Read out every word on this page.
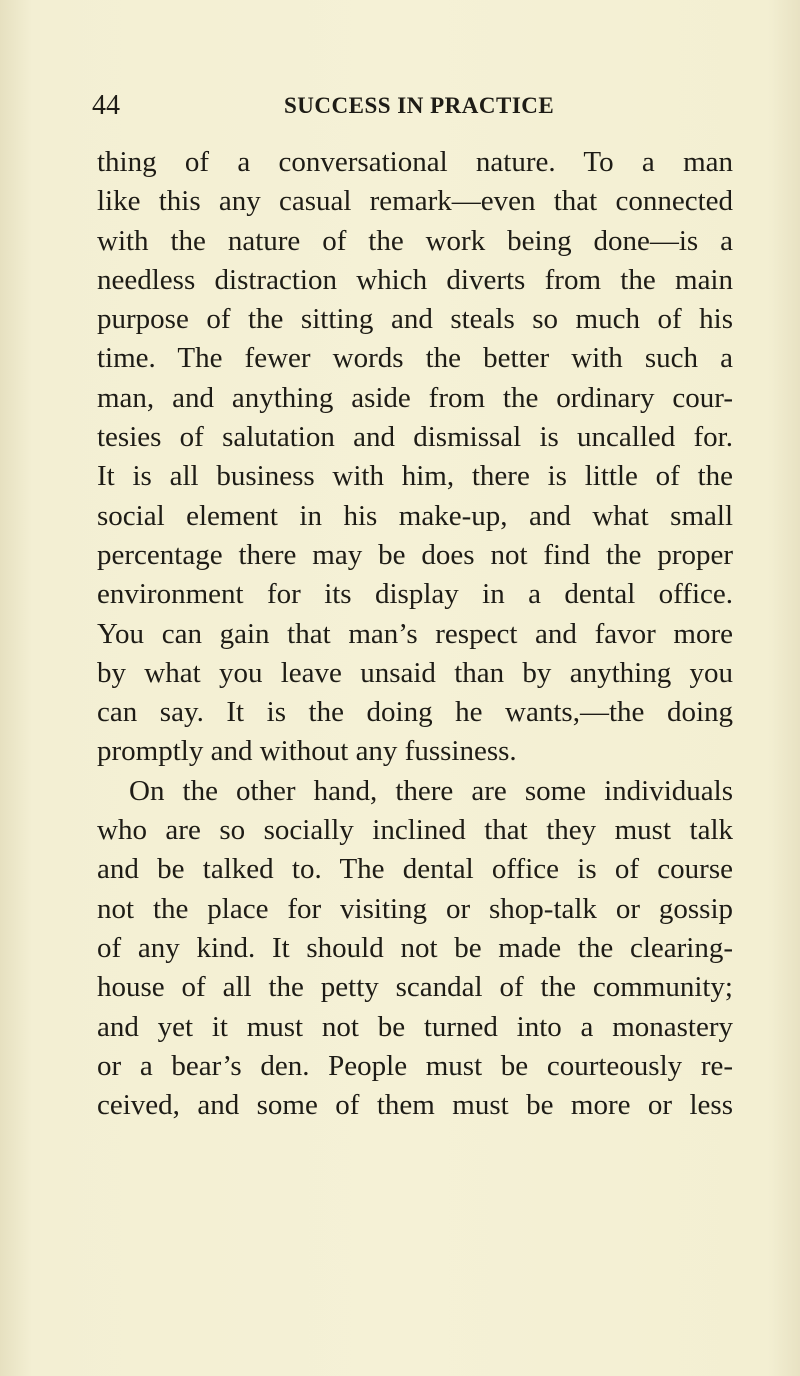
44	SUCCESS IN PRACTICE
thing of a conversational nature. To a man
like this any casual remark—even that connected
with the nature of the work being done—is a
needless distraction which diverts from the main
purpose of the sitting and steals so much of his
time. The fewer words the better with such a
man, and anything aside from the ordinary cour-
tesies of salutation and dismissal is uncalled for.
It is all business with him, there is little of the
social element in his make-up, and what small
percentage there may be does not find the proper
environment for its display in a dental office.
You can gain that man’s respect and favor more
by what you leave unsaid than by anything you
can say. It is the doing he wants,—the doing
promptly and without any fussiness.
On the other hand, there are some individuals
who are so socially inclined that they must talk
and be talked to. The dental office is of course
not the place for visiting or shop-talk or gossip
of any kind. It should not be made the clearing-
house of all the petty scandal of the community;
and yet it must not be turned into a monastery
or a bear’s den. People must be courteously re-
ceived, and some of them must be more or less
